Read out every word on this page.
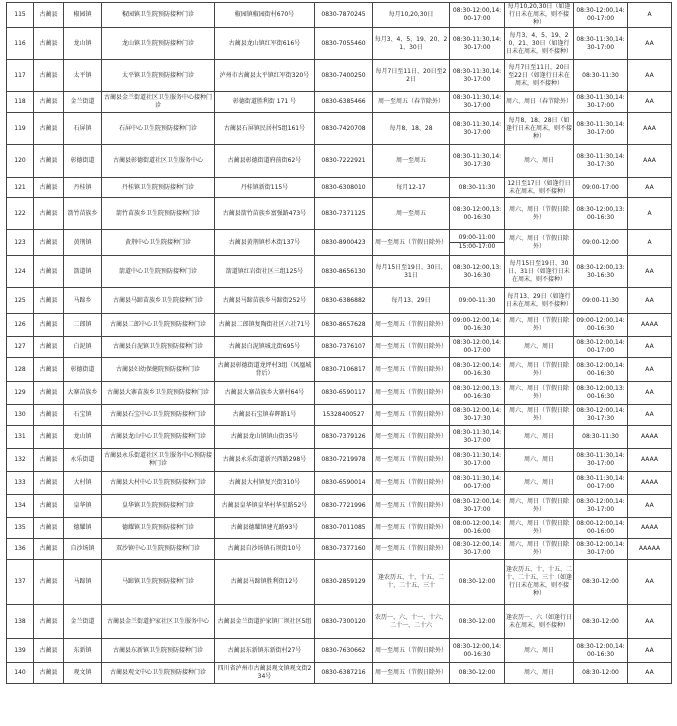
115	古蔺县	椒园镇	椒园镇卫生院预防接种门诊	椒园镇椒园街村670号	0830-7870245	每月10,20,30日	08:30-12:00,14:00-17:00	每月10,20,30日（如逢行日未在周末，则不接种）	08:30-12:00,14:00-17:00	A
116	古蔺县	龙山镇	龙山镇卫生院预防接种门诊	古蔺县龙山镇红军街616号	0830-7055460	每月3、4、5、19、20、21、30日	08:30-11:30,14:30-17:00	每月3、4、5、19、20、21、30日（如逢行日未在周末，则不接种）	08:30-11:30,14:30-17:00	AA
117	古蔺县	太平镇	太平镇卫生院预防接种门诊	泸州市古蔺县太平镇红军街320号	0830-7400250	每月7日至11日、20日至22日	08:30-11:30,14:30-17:00	每月7日至11日、20日至22日（如逢行日未在周末，则不接种）	08:30-11:30	AA
118	古蔺县	金兰街道	古蔺县金兰街道社区卫生服务中心接种门诊	彰德街道胜利街 171 号	0830-6385466	周一至周五（春节除外）	08:30-11:30,14:30-17:00	周六、周日（春节除外）	08:30-11:30,14:30-17:00	AA
119	古蔺县	石屏镇	石屏中心卫生院预防接种门诊	古蔺县石屏镇民居村5组161号	0830-7420708	每月8、18、28	08:30-11:30,14:30-17:00	每月8、18、28日（如逢行日未在周末，则不接种）	08:30-11:30,14:30-17:00	AAA
120	古蔺县	彰德街道	古蔺县彰德街道社区卫生服务中心	古蔺县彰德街道府前街62号	0830-7222921	周一至周五	08:30-11:30,14:30-17:30	周六、周日	08:30-11:30,14:30-17:30	AAA
121	古蔺县	丹桂镇	丹桂镇卫生院预防接种门诊	丹桂镇新街115号	0830-6308010	每月12-17	08:30-11:30	12日至17日（如逢行日未在周末，则不接种）	09:00-17:00	AA
122	古蔺县	箭竹苗族乡	箭竹苗族乡卫生院预防接种门诊	古蔺县箭竹苗族乡富强路473号	0830-7371125	周一至周五	08:30-12:00,13:00-16:30	周六、周日（节假日除外）	08:30-12:00,13:00-16:30	A
123	古蔺县	黄荆镇	黄荆中心卫生院接种门诊	古蔺县黄荆镇杉木街137号	0830-8900423	周一至周五（节假日除外）	09:00-11:00
15:00-17:00	周六、周日（节假日除外）	09:00-12:00	A
124	古蔺县	箭道镇	箭道中心卫生院预防接种门诊	箭道镇红岩街社区三组125号	0830-8656130	每月15日至19日、30日、31日	08:30-12:00,13:30-16:30	每月15日至19日、30日、31日（如逢行日未在周末，则不接种）	08:30-12:00,13:30-16:30	AA
125	古蔺县	马蹄乡	古蔺县马蹄苗族乡卫生院接种门诊	古蔺县马蹄苗族乡马蹄街252号	0830-6386882	每月13、29日	09:00-11:30	每月13、29日（如逢行日未在周末，则不接种）	09:00-11:30	AA
126	古蔺县	二郎镇	古蔺县二郎中心卫生院预防接种门诊	古蔺县二郎镇复陶街社区六社71号	0830-8657628	周一至周五（节假日除外）	09:00-12:00,14:00-16:30	周六、周日（节假日除外）	09:00-12:00,14:00-16:30	AAAA
127	古蔺县	白泥镇	古蔺县白泥镇卫生院预防接种门诊	古蔺县白泥镇城北街695号	0830-7376107	周一至周五（节假日除外）	08:30-12:00,14:00-17:00	周六、周日	08:30-12:00,14:00-17:00	AA
128	古蔺县	彰德街道	古蔺县妇幼保健院预防接种门诊	古蔺县彰德街道龙坪村3组（凤凰城背后）	0830-7106817	周一至周五（节假日除外）	08:30-12:00,14:00-16:30	周六、周日（节假日除外）	08:30-12:00,14:00-16:30	AA
129	古蔺县	大寨苗族乡	古蔺县大寨苗族乡卫生院预防接种门诊	古蔺县大寨苗族乡大寨村64号	0830-6590117	周一至周五（节假日除外）	08:30-12:00,13:00-16:30	周六、周日（节假日除外）	08:30-12:00,13:00-16:30	AA
130	古蔺县	石宝镇	古蔺县石宝中心卫生院预防接种门诊	古蔺县石宝镇春晖路1号	15328400527	周一至周五（节假日除外）	08:30-12:00,14:30-17:30	周六、周日（节假日除外）	08:30-12:00,14:30-17:30	AA
131	古蔺县	龙山镇	古蔺县龙山中心卫生院预防接种门诊	古蔺县龙山镇镇山街35号	0830-7379126	周一至周五（节假日除外）	08:30-11:30,14:30-17:00	周六、周日	08:30-11:30	AAAA
132	古蔺县	永乐街道	古蔺县永乐街道社区卫生服务中心预防接种门诊	古蔺县永乐街道新兴西路298号	0830-7219978	周一至周五（节假日除外）	08:30-11:30,14:30-17:00	周六、周日	08:30-11:30,14:30-17:00	AAAA
133	古蔺县	大村镇	古蔺县大村中心卫生院预防接种门诊	古蔺县大村镇复兴街310号	0830-6590014	周一至周五（节假日除外）	08:30-11:30,14:00-17:00	周六、周日	08:30-11:30,14:00-17:00	AAAA
134	古蔺县	皇华镇	皇华镇卫生院预防接种门诊	古蔺县皇华镇皇华村华星路52号	0830-7721996	周一至周五（节假日除外）	08:30-12:00,14:30-17:00	周六、周日（节假日除外）	08:30-12:00,14:30-17:00	AA
135	古蔺县	德耀镇	德耀镇卫生院预防接种门诊	古蔺县德耀镇建光路93号	0830-7011085	周一至周五（节假日除外）	08:00-12:00,14:00-16:00	周六、周日（节假日除外）	08:00-12:00,14:00-16:00	AAAA
136	古蔺县	自沙场镇	双沙镇中心卫生院预防接种门诊	古蔺县自沙场镇石坝街10号	0830-7377160	周一至周五（节假日除外）	08:30-12:00,14:30-17:00	周六、周日（节假日除外）	08:30-12:00,14:30-17:00	AAAAA
137	古蔺县	马蹄镇	马蹄镇卫生院预防接种门诊	古蔺县马蹄镇胜利街12号	0830-2859129	逢农历五、十、十五、二十、二十五、三十	08:30-12:00	逢农历五、十、十五、二十、二十五、三十（如逢行日未在周末，则不接种）	08:30-12:00	AA
138	古蔺县	金兰街道	古蔺县金兰街道护家社区卫生服务中心	古蔺县金兰街道护家镇厂坝社区5组	0830-7300120	农历一、六、十一、十六、二十一、二十六	08:30-12:00	逢农历一、六（如逢行日未在周末，则不接种）	08:30-12:00	AA
139	古蔺县	东新镇	古蔺县东新镇卫生院预防接种门诊	古蔺县东新镇东新街村27号	0830-7630662	周一至周五（节假日除外）	08:30-12:00,14:00-16:30	周六、周日	08:30-12:00,14:00-16:30	AA
140	古蔺县	观文镇	古蔺县观文中心卫生院预防接种门诊	四川省泸州市古蔺县观文镇观文街234号	0830-6387216	周一至周五（节假日除外）	08:30-12:00	周六、周日	08:30-12:00	AA
